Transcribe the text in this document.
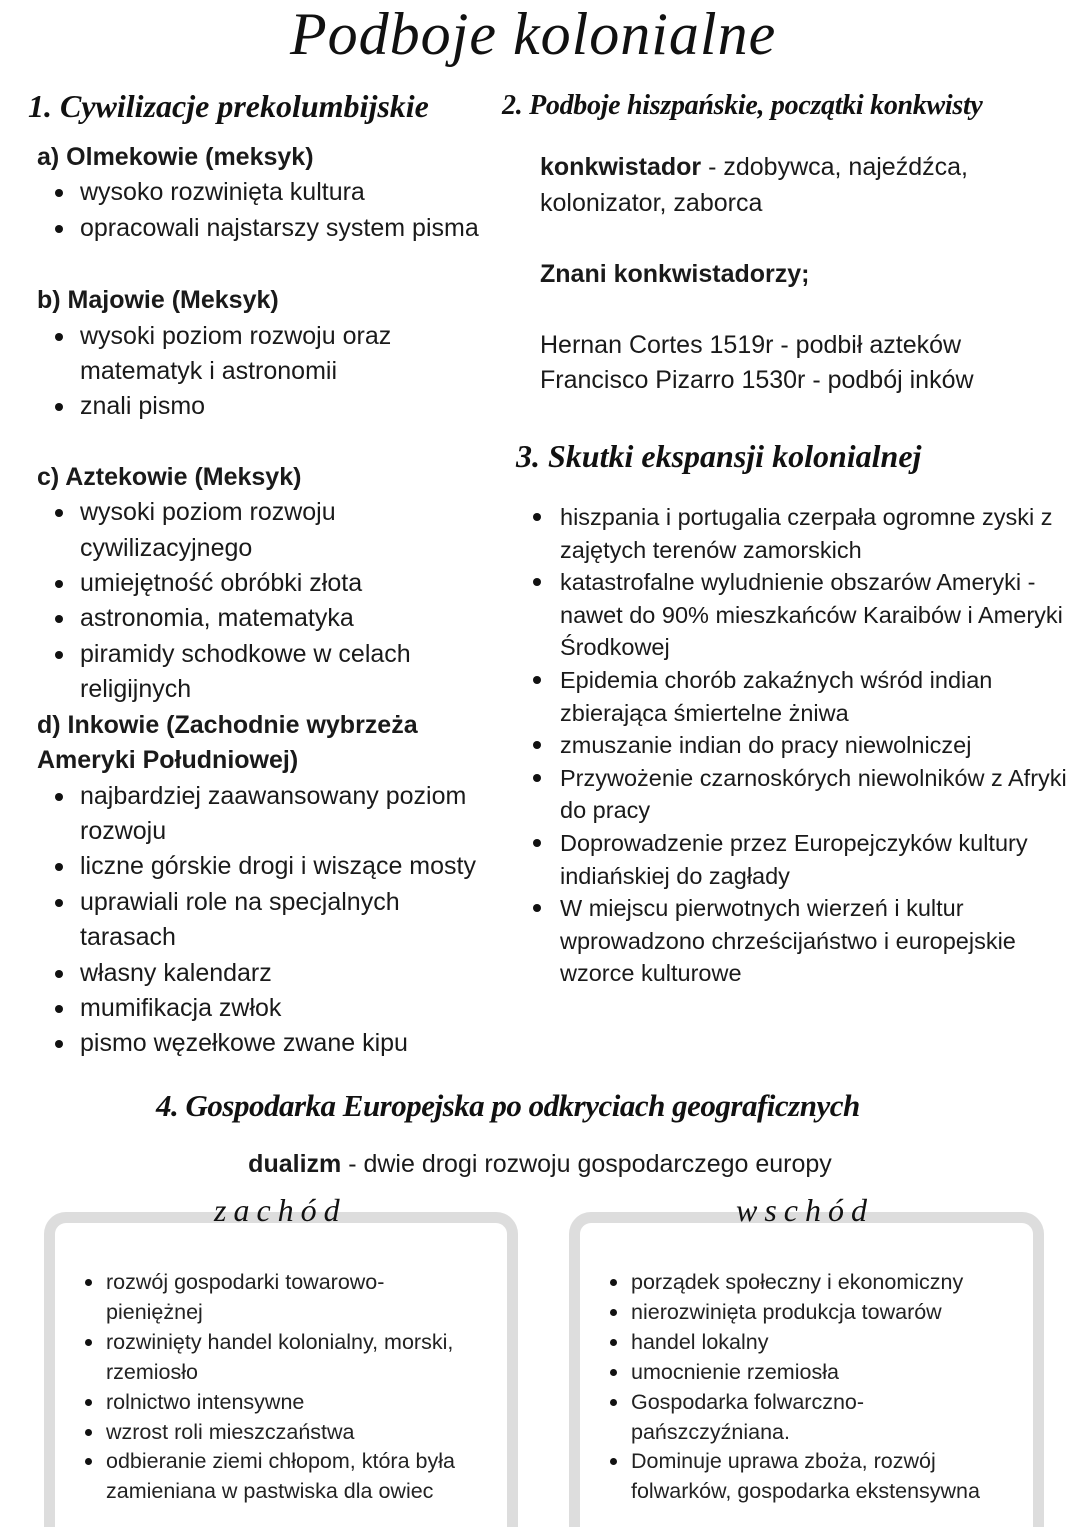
Podboje kolonialne
1. Cywilizacje prekolumbijskie
a) Olmekowie (meksyk)
wysoko rozwinięta kultura
opracowali najstarszy system pisma
b) Majowie (Meksyk)
wysoki poziom rozwoju oraz matematyk i astronomii
znali pismo
c) Aztekowie (Meksyk)
wysoki poziom rozwoju cywilizacyjnego
umiejętność obróbki złota
astronomia, matematyka
piramidy schodkowe w celach religijnych
d) Inkowie (Zachodnie wybrzeża Ameryki Południowej)
najbardziej zaawansowany poziom rozwoju
liczne górskie drogi i wiszące mosty
uprawiali role na specjalnych tarasach
własny kalendarz
mumifikacja zwłok
pismo węzełkowe zwane kipu
2. Podboje hiszpańskie, początki konkwisty
konkwistador - zdobywca, najeźdźca, kolonizator, zaborca
Znani konkwistadorzy;
Hernan Cortes 1519r - podbił azteków
Francisco Pizarro 1530r - podbój inków
3. Skutki ekspansji kolonialnej
hiszpania i portugalia czerpała ogromne zyski z zajętych terenów zamorskich
katastrofalne wyludnienie obszarów Ameryki - nawet do 90% mieszkańców Karaibów i Ameryki Środkowej
Epidemia chorób zakaźnych wśród indian zbierająca śmiertelne żniwa
zmuszanie indian do pracy niewolniczej
Przywożenie czarnoskórych niewolników z Afryki do pracy
Doprowadzenie przez Europejczyków kultury indiańskiej do zagłady
W miejscu pierwotnych wierzeń i kultur wprowadzono chrześcijaństwo i europejskie wzorce kulturowe
4. Gospodarka Europejska po odkryciach geograficznych
dualizm - dwie drogi rozwoju gospodarczego europy
rozwój gospodarki towarowo-pieniężnej
rozwinięty handel kolonialny, morski, rzemiosło
rolnictwo intensywne
wzrost roli mieszczaństwa
odbieranie ziemi chłopom, która była zamieniana w pastwiska dla owiec
zachód
porządek społeczny i ekonomiczny
nierozwinięta produkcja towarów
handel lokalny
umocnienie rzemiosła
Gospodarka folwarczno-pańszczyźniana.
Dominuje uprawa zboża, rozwój folwarków, gospodarka ekstensywna
wschód
